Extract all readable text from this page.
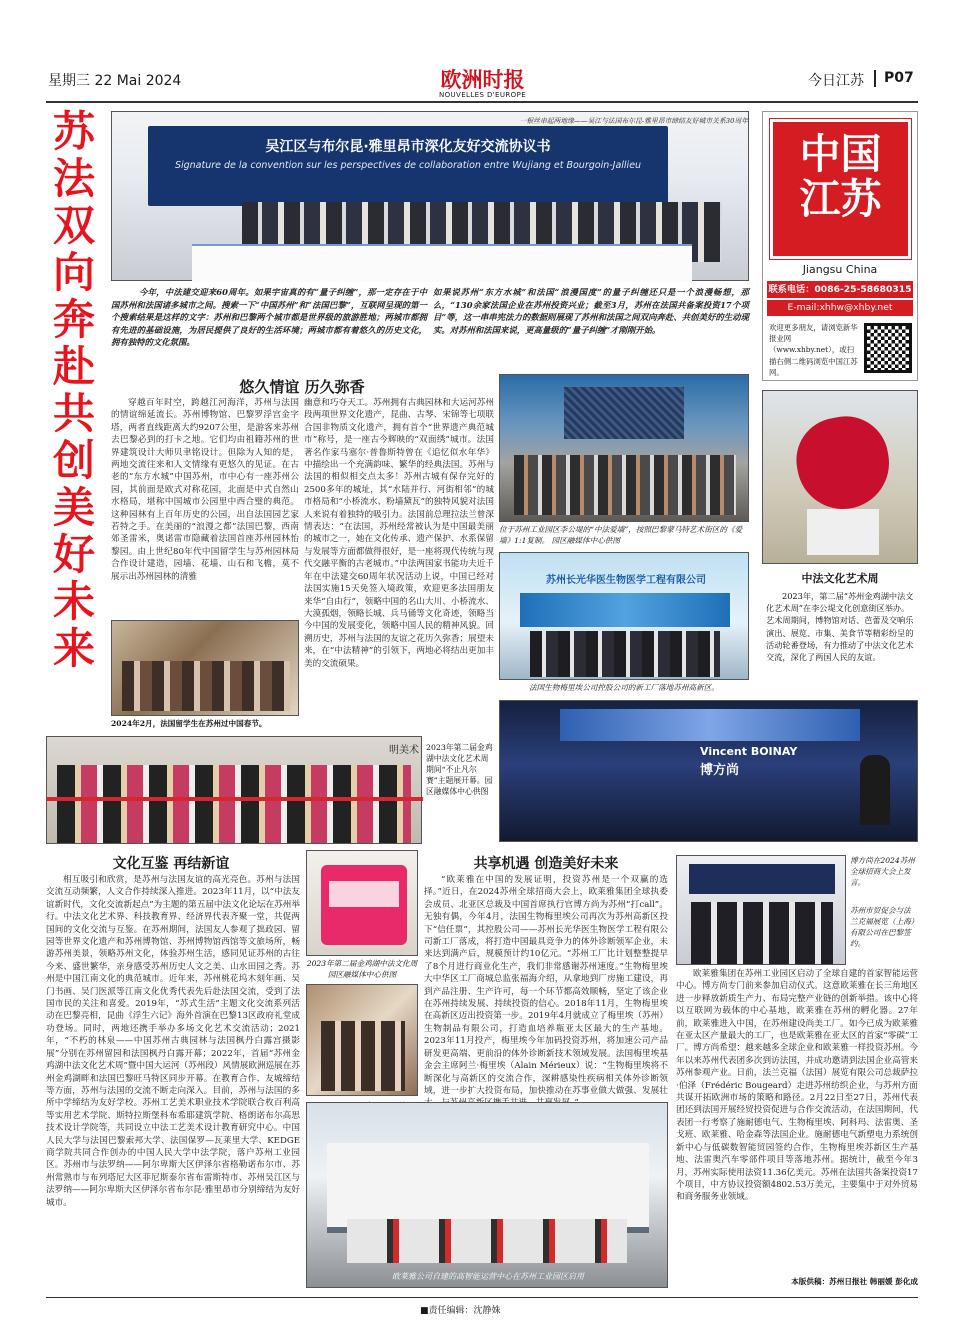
星期三 22 Mai 2024	欧洲时报
NOUVELLES D'EUROPE
今日江苏 P07
苏法双向奔赴 共创美好未来
一根丝串起两地缘——吴江与法国布尔昆-雅里昂市缔结友好城市关系30周年
吴江区与布尔昆·雅里昂市深化友好交流协议书
Signature de la convention sur les perspectives de collaboration entre Wujiang et Bourgoin-Jallieu
今年，中法建交迎来60周年。如果宇宙真的有“量子纠缠”，那一定存在于中国苏州和法国诸多城市之间。搜索一下“中国苏州”和“法国巴黎”，互联网呈现的第一个搜索结果是这样的文字：苏州和巴黎两个城市都是世界级的旅游胜地；两城市都拥有先进的基础设施，为居民提供了良好的生活环境；两城市都有着悠久的历史文化，拥有独特的文化氛围。
如果说苏州“东方水城”和法国“浪漫国度”的量子纠缠还只是一个浪漫畅想，那么，“130余家法国企业在苏州投资兴业；截至3月，苏州在法国共备案投资17个项目”等，这一串串宪法力的数据则展现了苏州和法国之间双向奔赴、共创美好的生动现实。对苏州和法国来说，更高量级的“量子纠缠”才刚刚开始。
中国江苏
Jiangsu China
联系电话：0086-25-58680315
E-mail:xhhw@xhby.net
欢迎更多朋友，请浏览新华报业网（www.xhby.net），或扫描右侧二维码浏览中国江苏网。
中法文化艺术周
2023年，第二届“苏州金鸡湖中法文化艺术周”在李公堤文化创意街区举办。艺术周期间，博物馆对话、芭蕾及交响乐演出、展览、市集、美食节等精彩纷呈的活动轮番登场，有力推动了中法文化艺术交流，深化了两国人民的友谊。
悠久情谊 历久弥香
穿越百年时空，跨越江河海洋，苏州与法国的情谊绵延流长。苏州博物馆、巴黎罗浮宫金字塔，两者直线距离大约9207公里，是游客来苏州去巴黎必到的打卡之地。它们均由祖籍苏州的世界建筑设计大师贝聿铭设计。但除为人知的是，两地交流往来和人文情缘有更悠久的见证。在古老的“东方水城”中国苏州，市中心有一座苏州公园，其前面是欧式对称花园，北面是中式自然山水格局，堪称中国城市公园里中西合璧的典范。这种园林有上百年历史的公园，出自法国园艺家若特之手。在美丽的“浪漫之都”法国巴黎，西南郊圣雷米，奥诺雷市隐藏着法国首座苏州园林怡黎园。由上世纪80年代中国留学生与苏州园林局合作设计建造，园墙、花墙、山石和飞檐，莫不展示出苏州园林的清雅
幽意和巧夺天工。苏州拥有古典园林和大运河苏州段两项世界文化遗产，昆曲、古琴、宋锦等七项联合国非物质文化遗产，拥有首个“世界遗产典范城市”称号，是一座古今辉映的“双面绣”城市。法国著名作家马塞尔·普鲁斯特曾在《追忆似水年华》中描绘出一个充满韵味、繁华的经典法国。苏州与法国的相似相交点太多！苏州古城有保存完好的2500多年的城址，其“水陆并行、河街相邻”的城市格局和“小桥流水、粉墙黛瓦”的独特风貌对法国人来说有着独特的吸引力。法国前总理拉法兰曾深情表达：“在法国，苏州经常被认为是中国最美丽的城市之一，她在文化传承、遗产保护、水系保留与发展等方面都做得很好，是一座将现代传统与现代交融平衡的古老城市。”中法两国家书能功夫近千年在中法建交60周年状况活动上说，中国已经对法国实施15天免签入境政策，欢迎更多法国朋友来华“自由行”，领略中国的名山大川、小桥流水、大漠孤烟，领略长城、兵马俑等文化奇迹，领略当今中国的发展变化，领略中国人民的精神风貌。回溯历史，苏州与法国的友谊之花历久弥香；展望未来，在“中法精神”的引领下，两地必将结出更加丰美的交流硕果。
2024年2月，法国留学生在苏州过中国春节。
位于苏州工业园区李公堤的“中法爱墙”，按照巴黎蒙马特艺术街区的《爱墙》1:1复制。 园区融媒体中心供图
苏州长光华医生物医学工程有限公司
法国生物梅里埃公司控股公司的新工厂落地苏州高新区。
Vincent BOINAY
博方尚
明美术 2023年第二届金鸡湖中法文化艺术周期间“不止凡尔赛”主题展开幕。园区融媒体中心供图
文化互鉴 再结新谊
相互吸引和欣赏，是苏州与法国友谊的高光亮色。苏州与法国交流互动频繁，人文合作持续深入推进。2023年11月，以“中法友谊新时代，文化交流新起点”为主题的第五届中法文化论坛在苏州举行。中法文化艺术界、科技教育界、经济界代表齐聚一堂，共促两国间的文化交流与互鉴。在苏州期间，法国友人参观了拙政园、留园等世界文化遗产和苏州博物馆、苏州博物馆西馆等文旅场所，畅游苏州美景，领略苏州文化，体验苏州生活，感同见证苏州的古往今来、盛世繁华，亲身感受苏州历史人文之美、山水田园之秀。苏州是中国江南文化的典范城市。近年来，苏州桃花坞木刻年画、吴门书画、吴门医派等江南文化优秀代表先后赴法国交流，受到了法国市民的关注和喜爱。2019年，“苏式生活”主题文化交流系列活动在巴黎亮相，昆曲《浮生六记》海外首演在巴黎13区政府礼堂成功登场。同时，两地还携手举办多场文化艺术交流活动；2021年，“不朽的林泉——中国苏州古典园林与法国枫丹白露宫摄影展”分别在苏州留园和法国枫丹白露开幕；2022年，首届“苏州金鸡湖中法文化艺术周”暨中国大运河（苏州段）风情展欧洲巡展在苏州金鸡湖畔和法国巴黎旺马特区同步开幕。在教育合作、友城缔结等方面，苏州与法国的交流不断走向深入。目前，苏州与法国的多所中学缔结为友好学校。苏州工艺美术职业技术学院联合枚百利高等实用艺术学院、斯特拉斯堡科布希耶建筑学院、格朗诺布尔高思技术设计学院等，共同设立中法工艺美术设计教育研究中心。中国人民大学与法国巴黎索邦大学、法国保罗—瓦莱里大学、KEDGE商学院共同合作创办的中国人民大学中法学院，落户苏州工业园区。苏州市与法罗纳——阿尔卑斯大区伊泽尔省格勒诺布尔市、苏州常熟市与布列塔尼大区菲尼斯泰尔省布雷斯特市、苏州吴江区与法罗纳——阿尔卑斯大区伊泽尔省布尔昆·雅里昂市分别缔结为友好城市。
2023年第二届金鸡湖中法文化周 园区融媒体中心供图
共享机遇 创造美好未来
“欧莱雅在中国的发展证明，投资苏州是一个双赢的选择。”近日，在2024苏州全球招商大会上，欧莱雅集团全球执委会成员、北亚区总裁及中国首席执行官博方尚为苏州“打call”。无独有偶，今年4月，法国生物梅里埃公司再次为苏州高新区投下“信任票”，其控股公司——苏州长光华医生物医学工程有限公司新工厂落成，将打造中国最具竞争力的体外诊断领军企业，未来达到满产后，规模预计约10亿元。“苏州工厂比计划整整提早了8个月进行商业化生产，我们非常感谢苏州速度。”生物梅里埃大中华区工厂商城总监张福海介绍，从拿地到厂房施工建设，再到产品注册、生产许可，每一个环节都高效顺畅，坚定了该企业在苏州持续发展、持续投资的信心。2018年11月，生物梅里埃在高新区迈出投资第一步。2019年4月就成立了梅里埃（苏州）生物制品有限公司，打造血培养瓶亚太区最大的生产基地。2023年11月投产，梅里埃今年加码投资苏州，将加速公司产品研发更高端、更前沿的体外诊断新技术领域发展。法国梅里埃基金会主席阿兰·梅里埃（Alain Mérieux）说：“生物梅里埃将不断深化与高新区的交流合作，深耕感染性疾病相关体外诊断领域，进一步扩大投资布局，加快推动在苏事业做大做强、发展壮
博方尚在2024苏州全球招商大会上发言。
苏州市贸促会与法兰克福展览（上海）有限公司在巴黎签约。
欧莱雅集团在苏州工业园区启动了全球自建的首家智能运营中心。博方尚专门前来参加启动仪式。这意欧莱雅在长三角地区进一步释放新质生产力、布局完整产业链的创新举措。该中心将以互联网为载体的中心基地，欧莱雅在苏州的孵化器。27年前，欧莱雅进入中国，在苏州建设尚美工厂。如今已成为欧莱雅在亚太区产量最大的工厂，也是欧莱雅在亚太区的首家“零碳”工厂。博方尚希望：越来越多全球企业和欧莱雅一样投资苏州。今年以来苏州代表团多次到访法国，并成功邀请到法国企业高管来苏州参观产业。日前，法兰克福（法国）展览有限公司总裁萨拉·伯泽（Frédéric Bougeard）走进苏州纺织企业，与苏州方面共谋开拓欧洲市场的策略和路径。2月22日至27日，苏州代表团还到法国开展经贸投资促进与合作交流活动，在法国期间，代表团一行考察了施耐德电气、生物梅里埃、阿科玛、法雷奥、圣戈班、欧莱雅、哈金森等法国企业。施耐德电气新塑电力系统创新中心与低碳数智能贸园签约合作，生物梅里埃苏新区生产基地、法雷奥汽车零部件项目等落地苏州。据统计，截至今年3月，苏州实际使用法资11.36亿美元。苏州在法国共备案投资17个项目，中方协议投资额4802.53万美元，主要集中于对外贸易和商务服务业领域。
本版供稿：苏州日报社 韩丽媛 彭化成
欧莱雅公司自建的高智能运营中心在苏州工业园区启用
■责任编辑：沈静姝
